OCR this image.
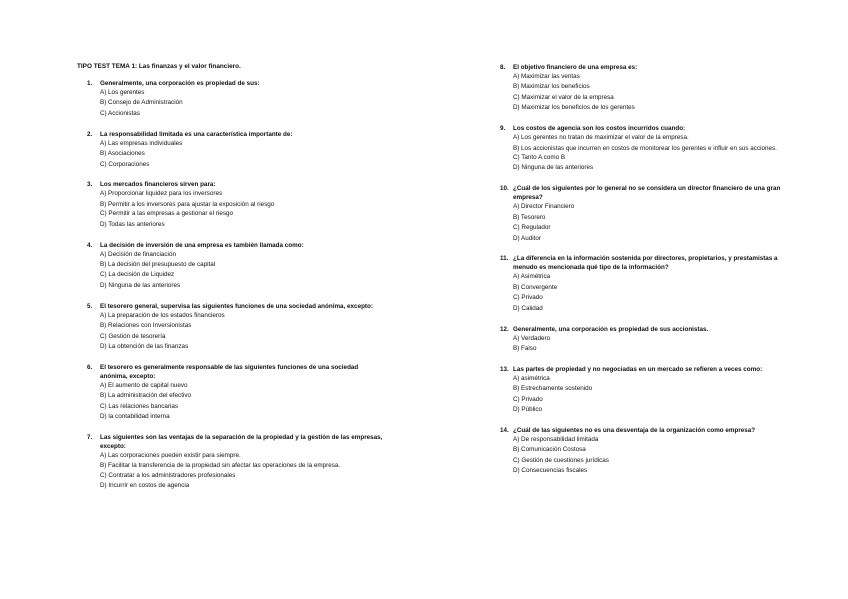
TIPO TEST TEMA 1: Las finanzas y el valor financiero.
1.	Generalmente, una corporación es propiedad de sus:
A) Los gerentes
B) Consejo de Administración
C) Accionistas
2.	La responsabilidad limitada es una característica importante de:
A) Las empresas individuales
B) Asociaciones
C) Corporaciones
3.	Los mercados financieros sirven para:
A) Proporcionar liquidez para los inversores
B) Permitir a los inversores para ajustar la exposición al riesgo
C) Permitir a las empresas a gestionar el riesgo
D) Todas las anteriores
4.	La decisión de inversión de una empresa es también llamada como:
A) Decisión de financiación
B) La decisión del presupuesto de capital
C) La decisión de Liquidez
D) Ninguna de las anteriores
5.	El tesorero general, supervisa las siguientes funciones de una sociedad anónima, excepto:
A) La preparación de los estados financieros
B) Relaciones con Inversionistas
C) Gestión de tesorería
D) La obtención de las finanzas
6.	El tesorero es generalmente responsable de las siguientes funciones de una sociedad anónima, excepto:
A) El aumento de capital nuevo
B) La administración del efectivo
C) Las relaciones bancarias
D) la contabilidad interna
7.	Las siguientes son las ventajas de la separación de la propiedad y la gestión de las empresas, excepto:
A) Las corporaciones pueden existir para siempre.
B) Facilitar la transferencia de la propiedad sin afectar las operaciones de la empresa.
C) Contratar a los administradores profesionales
D) Incurrir en costos de agencia
8.	El objetivo financiero de una empresa es:
A) Maximizar las ventas
B) Maximizar los beneficios
C) Maximizar el valor de la empresa
D) Maximizar los beneficios de los gerentes
9.	Los costos de agencia son los costos incurridos cuando:
A) Los gerentes no tratan de maximizar el valor de la empresa.
B) Los accionistas que incurren en costos de monitorear los gerentes e influir en sus acciones.
C) Tanto A como B
D) Ninguna de las anteriores
10. ¿Cuál de los siguientes por lo general no se considera un director financiero de una gran empresa?
A) Director Financiero
B) Tesorero
C) Regulador
D) Auditor
11. ¿La diferencia en la información sostenida por directores, propietarios, y prestamistas a menudo es mencionada qué tipo de la información?
A) Asimétrica
B) Convergente
C) Privado
D) Calidad
12. Generalmente, una corporación es propiedad de sus accionistas.
A) Verdadero
B) Falso
13. Las partes de propiedad y no negociadas en un mercado se refieren a veces como:
A) asimétrica
B) Estrechamente sostenido
C) Privado
D) Público
14. ¿Cuál de las siguientes no es una desventaja de la organización como empresa?
A) De responsabilidad limitada
B) Comunicación Costosa
C) Gestión de cuestiones jurídicas
D) Consecuencias fiscales
